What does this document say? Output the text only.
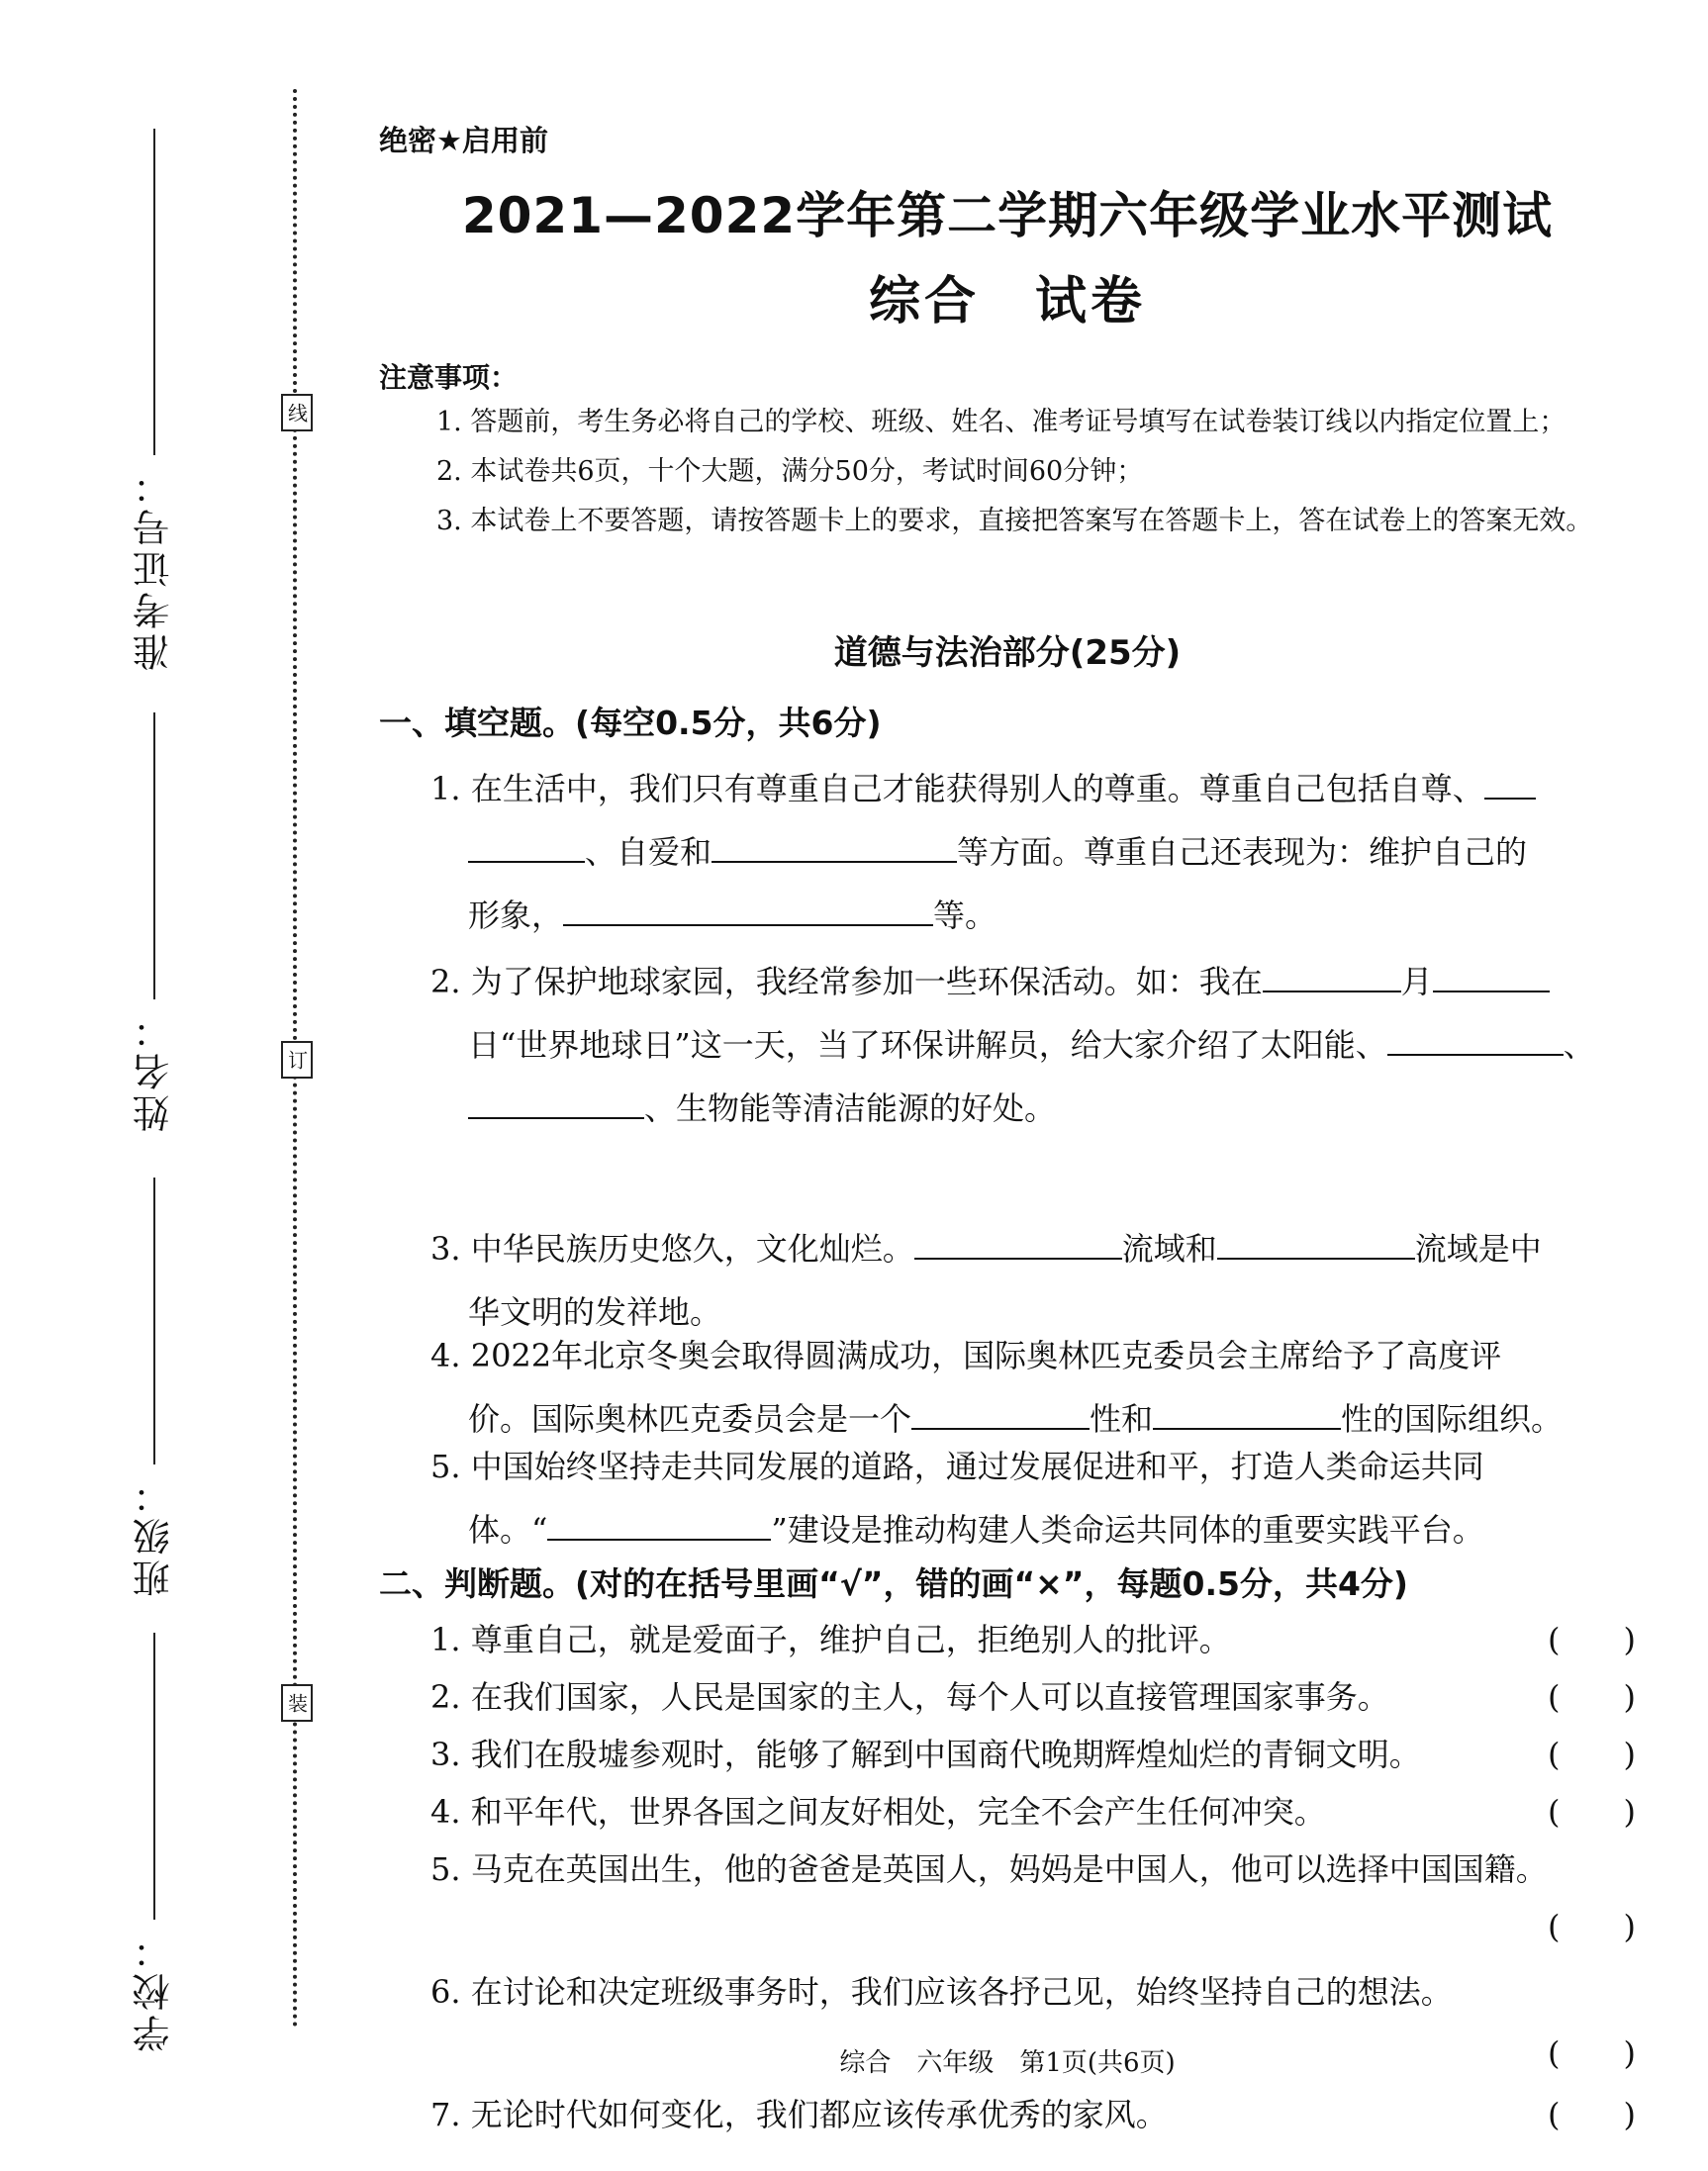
准考证号：
姓名：
班级：
学校：
线
订
装
绝密★启用前
2021—2022学年第二学期六年级学业水平测试
综合　试卷
注意事项：
1. 答题前，考生务必将自己的学校、班级、姓名、准考证号填写在试卷装订线以内指定位置上；
2. 本试卷共6页，十个大题，满分50分，考试时间60分钟；
3. 本试卷上不要答题，请按答题卡上的要求，直接把答案写在答题卡上，答在试卷上的答案无效。
道德与法治部分(25分)
一、填空题。(每空0.5分，共6分)
1. 在生活中，我们只有尊重自己才能获得别人的尊重。尊重自己包括自尊、
、自爱和	等方面。尊重自己还表现为：维护自己的
形象，	等。
2. 为了保护地球家园，我经常参加一些环保活动。如：我在	月
日“世界地球日”这一天，当了环保讲解员，给大家介绍了太阳能、	、
、生物能等清洁能源的好处。
3. 中华民族历史悠久，文化灿烂。	流域和	流域是中
华文明的发祥地。
4. 2022年北京冬奥会取得圆满成功，国际奥林匹克委员会主席给予了高度评
价。国际奥林匹克委员会是一个	性和	性的国际组织。
5. 中国始终坚持走共同发展的道路，通过发展促进和平，打造人类命运共同
体。“	”建设是推动构建人类命运共同体的重要实践平台。
二、判断题。(对的在括号里画“√”，错的画“×”，每题0.5分，共4分)
1. 尊重自己，就是爱面子，维护自己，拒绝别人的批评。	(　　)
2. 在我们国家，人民是国家的主人，每个人可以直接管理国家事务。	(　　)
3. 我们在殷墟参观时，能够了解到中国商代晚期辉煌灿烂的青铜文明。	(　　)
4. 和平年代，世界各国之间友好相处，完全不会产生任何冲突。	(　　)
5. 马克在英国出生，他的爸爸是英国人，妈妈是中国人，他可以选择中国国籍。
(　　)
6. 在讨论和决定班级事务时，我们应该各抒己见，始终坚持自己的想法。
(　　)
7. 无论时代如何变化，我们都应该传承优秀的家风。	(　　)
综合　六年级　第1页(共6页)
